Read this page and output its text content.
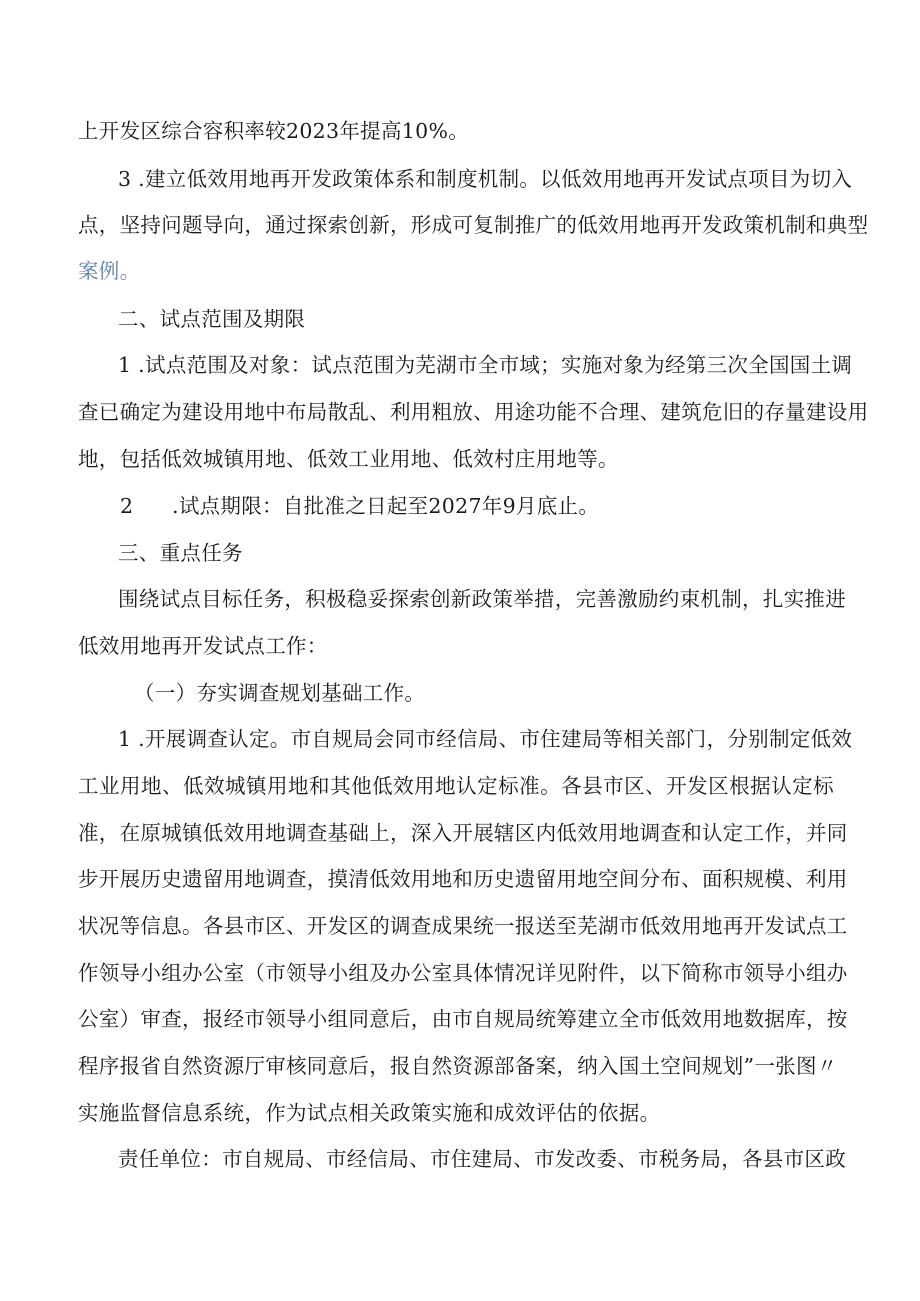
上开发区综合容积率较2023年提高10%。
3 .建立低效用地再开发政策体系和制度机制。以低效用地再开发试点项目为切入
点，坚持问题导向，通过探索创新，形成可复制推广的低效用地再开发政策机制和典型
案例。
二、试点范围及期限
1 .试点范围及对象：试点范围为芜湖市全市域；实施对象为经第三次全国国土调
查已确定为建设用地中布局散乱、利用粗放、用途功能不合理、建筑危旧的存量建设用
地，包括低效城镇用地、低效工业用地、低效村庄用地等。
2 .试点期限：自批准之日起至2027年9月底止。
三、重点任务
围绕试点目标任务，积极稳妥探索创新政策举措，完善激励约束机制，扎实推进
低效用地再开发试点工作：
（一）夯实调查规划基础工作。
1 .开展调查认定。市自规局会同市经信局、市住建局等相关部门，分别制定低效
工业用地、低效城镇用地和其他低效用地认定标准。各县市区、开发区根据认定标
准，在原城镇低效用地调查基础上，深入开展辖区内低效用地调查和认定工作，并同
步开展历史遗留用地调查，摸清低效用地和历史遗留用地空间分布、面积规模、利用
状况等信息。各县市区、开发区的调查成果统一报送至芜湖市低效用地再开发试点工
作领导小组办公室（市领导小组及办公室具体情况详见附件，以下简称市领导小组办
公室）审查，报经市领导小组同意后，由市自规局统筹建立全市低效用地数据库，按
程序报省自然资源厅审核同意后，报自然资源部备案，纳入国土空间规划”一张图〃
实施监督信息系统，作为试点相关政策实施和成效评估的依据。
责任单位：市自规局、市经信局、市住建局、市发改委、市税务局，各县市区政
